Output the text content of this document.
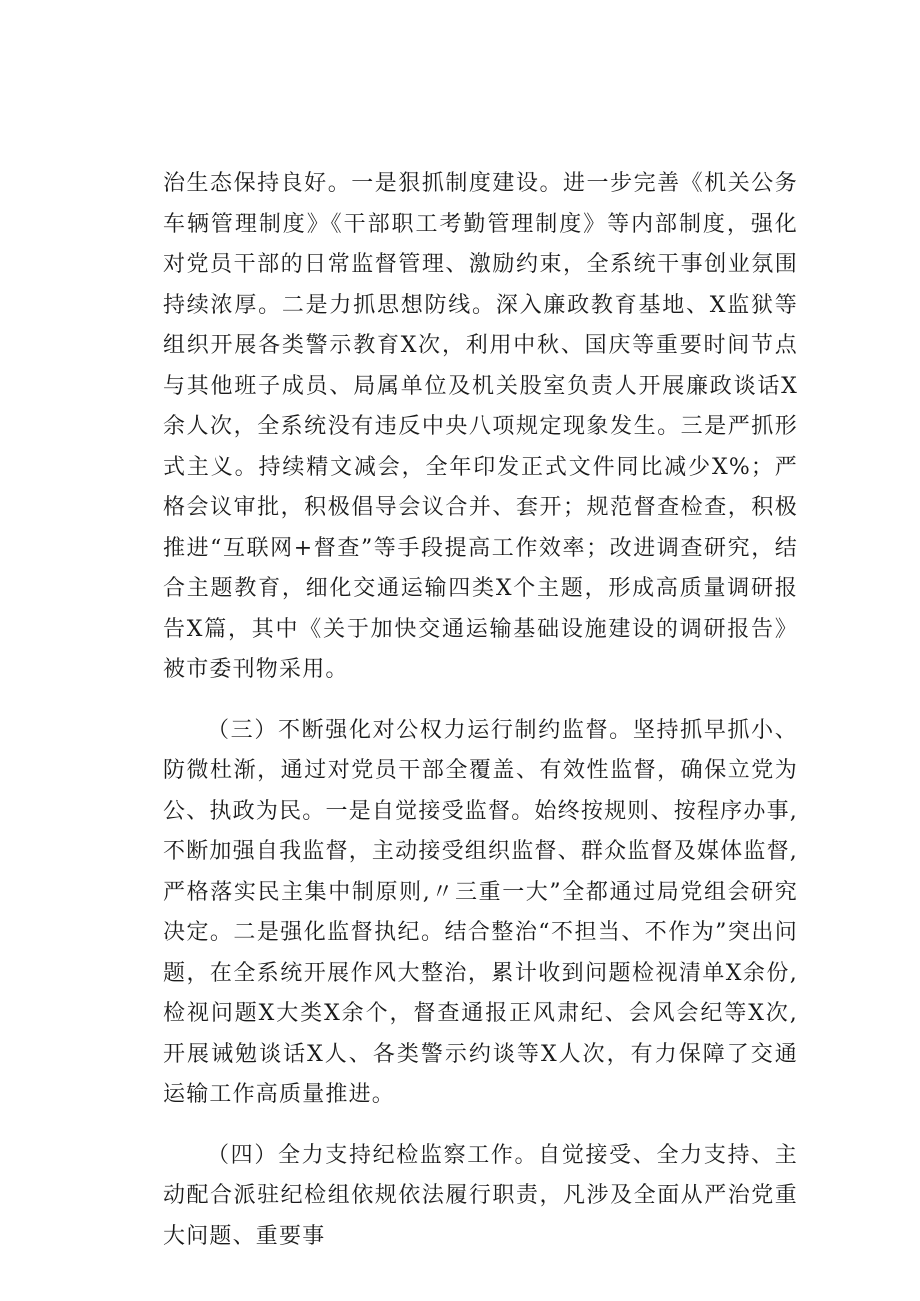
治生态保持良好。一是狠抓制度建设。进一步完善《机关公务车辆管理制度》《干部职工考勤管理制度》等内部制度，强化对党员干部的日常监督管理、激励约束，全系统干事创业氛围持续浓厚。二是力抓思想防线。深入廉政教育基地、X监狱等组织开展各类警示教育X次，利用中秋、国庆等重要时间节点与其他班子成员、局属单位及机关股室负责人开展廉政谈话X余人次，全系统没有违反中央八项规定现象发生。三是严抓形式主义。持续精文减会，全年印发正式文件同比减少X%；严格会议审批，积极倡导会议合并、套开；规范督查检查，积极推进“互联网+督查”等手段提高工作效率；改进调查研究，结合主题教育，细化交通运输四类X个主题，形成高质量调研报告X篇，其中《关于加快交通运输基础设施建设的调研报告》被市委刊物采用。

（三）不断强化对公权力运行制约监督。坚持抓早抓小、防微杜渐，通过对党员干部全覆盖、有效性监督，确保立党为公、执政为民。一是自觉接受监督。始终按规则、按程序办事,不断加强自我监督，主动接受组织监督、群众监督及媒体监督,严格落实民主集中制原则,〃三重一大”全都通过局党组会研究决定。二是强化监督执纪。结合整治“不担当、不作为”突出问题，在全系统开展作风大整治，累计收到问题检视清单X余份,检视问题X大类X余个，督查通报正风肃纪、会风会纪等X次,开展诫勉谈话X人、各类警示约谈等X人次，有力保障了交通运输工作高质量推进。

（四）全力支持纪检监察工作。自觉接受、全力支持、主动配合派驻纪检组依规依法履行职责，凡涉及全面从严治党重大问题、重要事
